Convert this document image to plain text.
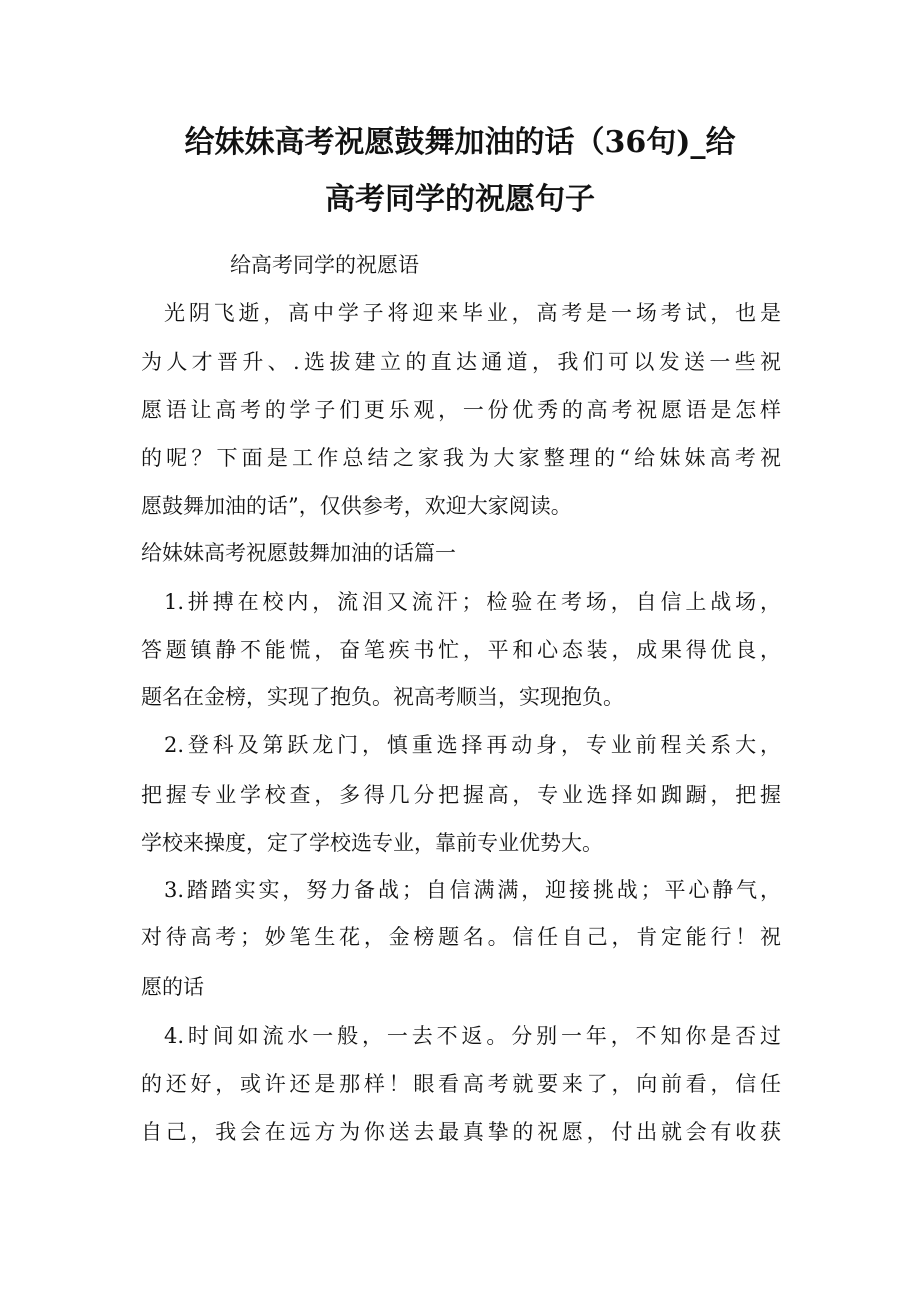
给妹妹高考祝愿鼓舞加油的话（36句)_给
高考同学的祝愿句子
给高考同学的祝愿语
光阴飞逝，高中学子将迎来毕业，高考是一场考试，也是
为人才晋升、.选拔建立的直达通道，我们可以发送一些祝
愿语让高考的学子们更乐观，一份优秀的高考祝愿语是怎样
的呢？下面是工作总结之家我为大家整理的“给妹妹高考祝
愿鼓舞加油的话”，仅供参考，欢迎大家阅读。
给妹妹高考祝愿鼓舞加油的话篇一
1.拼搏在校内，流泪又流汗；检验在考场，自信上战场，
答题镇静不能慌，奋笔疾书忙，平和心态装，成果得优良，
题名在金榜，实现了抱负。祝高考顺当，实现抱负。
2.登科及第跃龙门，慎重选择再动身，专业前程关系大，
把握专业学校查，多得几分把握高，专业选择如踟蹰，把握
学校来操度，定了学校选专业，靠前专业优势大。
3.踏踏实实，努力备战；自信满满，迎接挑战；平心静气，
对待高考；妙笔生花，金榜题名。信任自己，肯定能行！祝
愿的话
4.时间如流水一般，一去不返。分别一年，不知你是否过
的还好，或许还是那样！眼看高考就要来了，向前看，信任
自己，我会在远方为你送去最真挚的祝愿，付出就会有收获
